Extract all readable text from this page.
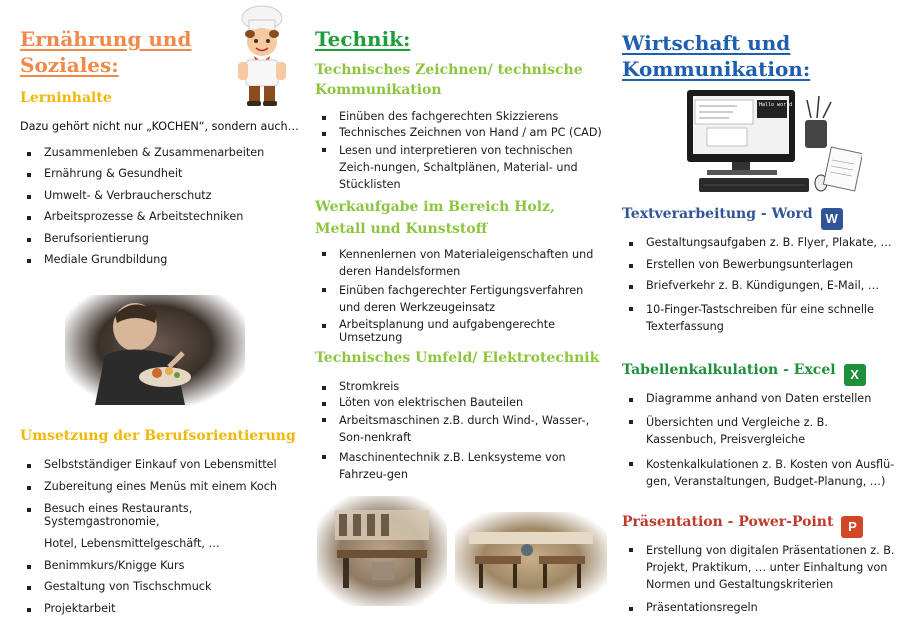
Ernährung und
Soziales:
Lerninhalte

Dazu gehört nicht nur „KOCHEN“, sondern auch…

Zusammenleben & Zusammenarbeiten
Ernährung & Gesundheit
Umwelt- & Verbraucherschutz
Arbeitsprozesse & Arbeitstechniken
Berufsorientierung
Mediale Grundbildung
Umsetzung der Berufsorientierung
Selbstständiger Einkauf von Lebensmittel
Zubereitung eines Menüs mit einem Koch
Besuch eines Restaurants, Systemgastronomie,
Hotel, Lebensmittelgeschäft, …
Benimmkurs/Knigge Kurs
Gestaltung von Tischschmuck
Projektarbeit
Technik:
Technisches Zeichnen/ technische Kommunikation
Einüben des fachgerechten Skizzierens
Technisches Zeichnen von Hand / am PC (CAD)
Lesen und interpretieren von technischen Zeich-nungen, Schaltplänen, Material- und Stücklisten
Werkaufgabe im Bereich Holz, Metall und Kunststoff
Kennenlernen von Materialeigenschaften und deren Handelsformen
Einüben fachgerechter Fertigungsverfahren und deren Werkzeugeinsatz
Arbeitsplanung und aufgabengerechte Umsetzung
Technisches Umfeld/ Elektrotechnik
Stromkreis
Löten von elektrischen Bauteilen
Arbeitsmaschinen z.B. durch Wind-, Wasser-, Son-nenkraft
Maschinentechnik z.B. Lenksysteme von Fahrzeu-gen
Wirtschaft und
Kommunikation:
Hallo world
Textverarbeitung - Word W
Gestaltungsaufgaben z. B. Flyer, Plakate, …
Erstellen von Bewerbungsunterlagen
Briefverkehr z. B. Kündigungen, E-Mail, …
10-Finger-Tastschreiben für eine schnelle Texterfassung
Tabellenkalkulation - Excel X
Diagramme anhand von Daten erstellen
Übersichten und Vergleiche z. B. Kassenbuch, Preisvergleiche
Kostenkalkulationen z. B. Kosten von Ausflü-gen, Veranstaltungen, Budget-Planung, …)
Präsentation - Power-Point P
Erstellung von digitalen Präsentationen z. B. Projekt, Praktikum, … unter Einhaltung von Normen und Gestaltungskriterien
Präsentationsregeln
